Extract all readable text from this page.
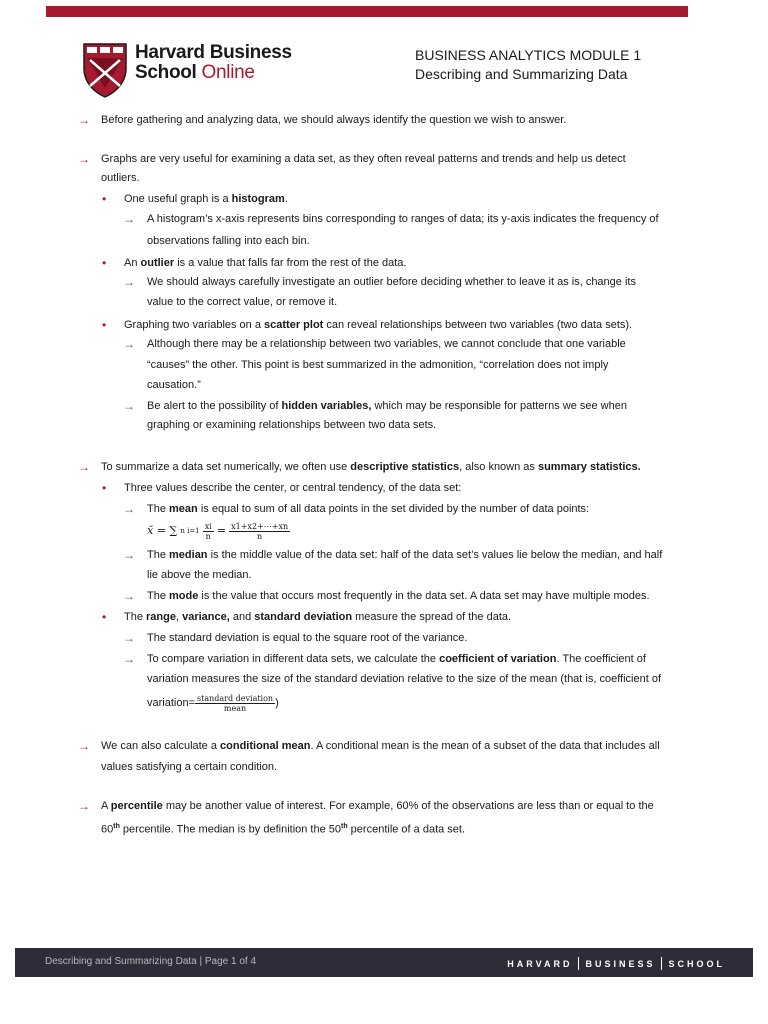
Harvard Business
School Online
BUSINESS ANALYTICS MODULE 1
Describing and Summarizing Data
→ Before gathering and analyzing data, we should always identify the question we wish to answer.
→ Graphs are very useful for examining a data set, as they often reveal patterns and trends and help us detect
outliers.
• One useful graph is a histogram.
→ A histogram’s x-axis represents bins corresponding to ranges of data; its y-axis indicates the frequency of
observations falling into each bin.
• An outlier is a value that falls far from the rest of the data.
→ We should always carefully investigate an outlier before deciding whether to leave it as is, change its
value to the correct value, or remove it.
• Graphing two variables on a scatter plot can reveal relationships between two variables (two data sets).
→ Although there may be a relationship between two variables, we cannot conclude that one variable
“causes” the other. This point is best summarized in the admonition, “correlation does not imply
causation.”
→ Be alert to the possibility of hidden variables, which may be responsible for patterns we see when
graphing or examining relationships between two data sets.
→ To summarize a data set numerically, we often use descriptive statistics, also known as summary statistics.
• Three values describe the center, or central tendency, of the data set:
→ The mean is equal to sum of all data points in the set divided by the number of data points:
x̄ = ∑ n $i=1 \frac{xi}{n} = \frac{x1+x2+\cdots+xn}{n}$
→ The median is the middle value of the data set: half of the data set’s values lie below the median, and half
lie above the median.
→ The mode is the value that occurs most frequently in the data set. A data set may have multiple modes.
• The range, variance, and standard deviation measure the spread of the data.
→ The standard deviation is equal to the square root of the variance.
→ To compare variation in different data sets, we calculate the coefficient of variation. The coefficient of
variation measures the size of the standard deviation relative to the size of the mean (that is, coefficient of
variation= $\frac{\text{standard deviation}}{\text{mean}}$ )
→ We can also calculate a conditional mean. A conditional mean is the mean of a subset of the data that includes all
values satisfying a certain condition.
→ A percentile may be another value of interest. For example, 60% of the observations are less than or equal to the
60th percentile. The median is by definition the 50th percentile of a data set.
Describing and Summarizing Data | Page 1 of 4	HARVARD BUSINESS SCHOOL
